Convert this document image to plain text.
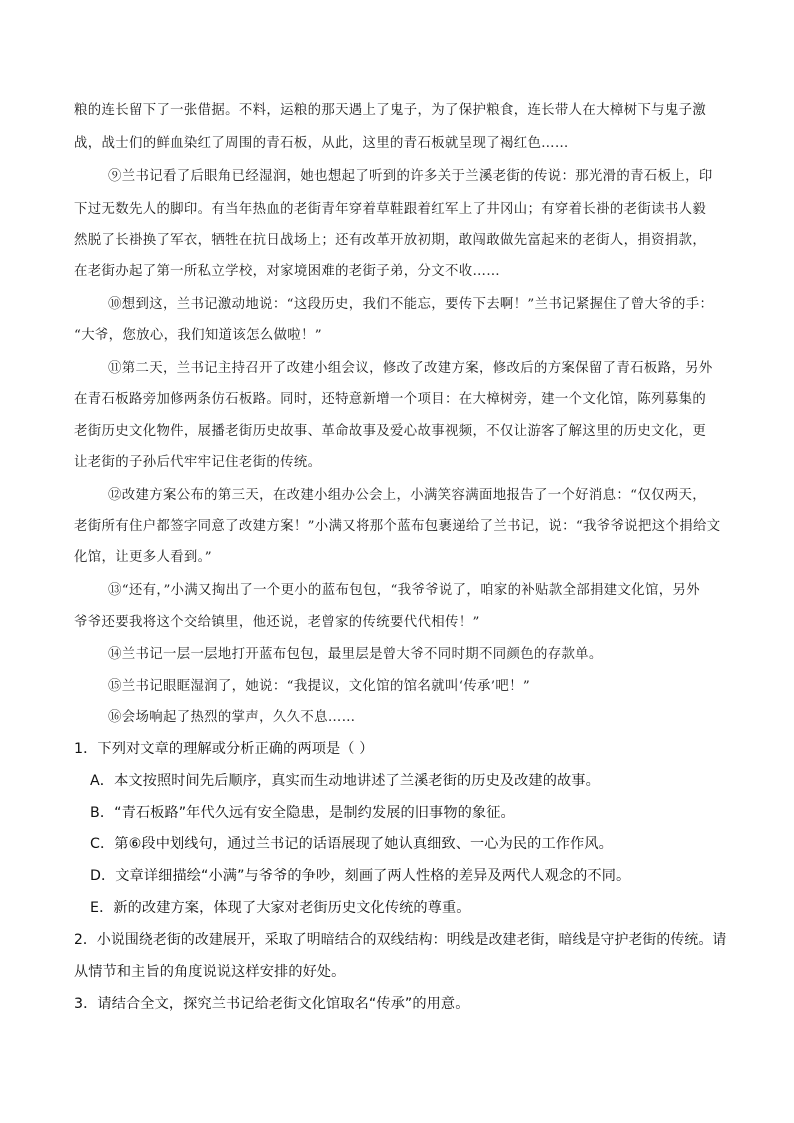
粮的连长留下了一张借据。不料，运粮的那天遇上了鬼子，为了保护粮食，连长带人在大樟树下与鬼子激
战，战士们的鲜血染红了周围的青石板，从此，这里的青石板就呈现了褐红色……
⑨兰书记看了后眼角已经湿润，她也想起了听到的许多关于兰溪老街的传说：那光滑的青石板上，印
下过无数先人的脚印。有当年热血的老街青年穿着草鞋跟着红军上了井冈山；有穿着长褂的老街读书人毅
然脱了长褂换了军衣，牺牲在抗日战场上；还有改革开放初期，敢闯敢做先富起来的老街人，捐资捐款，
在老街办起了第一所私立学校，对家境困难的老街子弟，分文不收……
⑩想到这，兰书记激动地说：“这段历史，我们不能忘，要传下去啊！”兰书记紧握住了曾大爷的手：
“大爷，您放心，我们知道该怎么做啦！”
⑪第二天，兰书记主持召开了改建小组会议，修改了改建方案，修改后的方案保留了青石板路，另外
在青石板路旁加修两条仿石板路。同时，还特意新增一个项目：在大樟树旁，建一个文化馆，陈列募集的
老街历史文化物件，展播老街历史故事、革命故事及爱心故事视频，不仅让游客了解这里的历史文化，更
让老街的子孙后代牢牢记住老街的传统。
⑫改建方案公布的第三天，在改建小组办公会上，小满笑容满面地报告了一个好消息：“仅仅两天，
老街所有住户都签字同意了改建方案！”小满又将那个蓝布包裹递给了兰书记，说：“我爷爷说把这个捐给文
化馆，让更多人看到。”
⑬“还有，”小满又掏出了一个更小的蓝布包包，“我爷爷说了，咱家的补贴款全部捐建文化馆，另外
爷爷还要我将这个交给镇里，他还说，老曾家的传统要代代相传！”
⑭兰书记一层一层地打开蓝布包包，最里层是曾大爷不同时期不同颜色的存款单。
⑮兰书记眼眶湿润了，她说：“我提议，文化馆的馆名就叫‘传承’吧！”
⑯会场响起了热烈的掌声，久久不息……
1．下列对文章的理解或分析正确的两项是（ ）
A．本文按照时间先后顺序，真实而生动地讲述了兰溪老街的历史及改建的故事。
B．“青石板路”年代久远有安全隐患，是制约发展的旧事物的象征。
C．第⑥段中划线句，通过兰书记的话语展现了她认真细致、一心为民的工作作风。
D．文章详细描绘“小满”与爷爷的争吵，刻画了两人性格的差异及两代人观念的不同。
E．新的改建方案，体现了大家对老街历史文化传统的尊重。
2．小说围绕老街的改建展开，采取了明暗结合的双线结构：明线是改建老街，暗线是守护老街的传统。请
从情节和主旨的角度说说这样安排的好处。
3．请结合全文，探究兰书记给老街文化馆取名“传承”的用意。
